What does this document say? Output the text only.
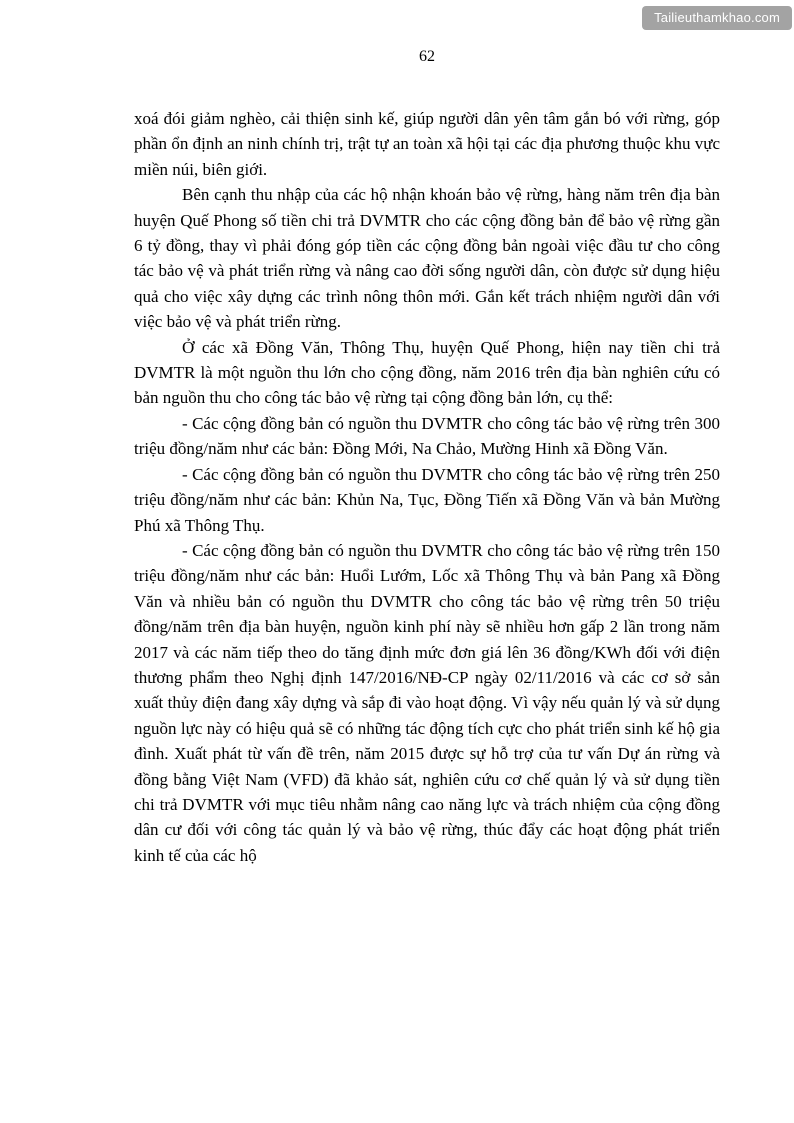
Tailieuthamkhao.com
62

xoá đói giảm nghèo, cải thiện sinh kế, giúp người dân yên tâm gắn bó với rừng, góp phần ổn định an ninh chính trị, trật tự an toàn xã hội tại các địa phương thuộc khu vực miền núi, biên giới.

Bên cạnh thu nhập của các hộ nhận khoán bảo vệ rừng, hàng năm trên địa bàn huyện Quế Phong số tiền chi trả DVMTR cho các cộng đồng bản để bảo vệ rừng gần 6 tỷ đồng, thay vì phải đóng góp tiền các cộng đồng bản ngoài việc đầu tư cho công tác bảo vệ và phát triển rừng và nâng cao đời sống người dân, còn được sử dụng hiệu quả cho việc xây dựng các trình nông thôn mới. Gắn kết trách nhiệm người dân với việc bảo vệ và phát triển rừng.

Ở các xã Đồng Văn, Thông Thụ, huyện Quế Phong, hiện nay tiền chi trả DVMTR là một nguồn thu lớn cho cộng đồng, năm 2016 trên địa bàn nghiên cứu có bản nguồn thu cho công tác bảo vệ rừng tại cộng đồng bản lớn, cụ thể:

- Các cộng đồng bản có nguồn thu DVMTR cho công tác bảo vệ rừng trên 300 triệu đồng/năm như các bản: Đồng Mới, Na Chảo, Mường Hinh xã Đồng Văn.

- Các cộng đồng bản có nguồn thu DVMTR cho công tác bảo vệ rừng trên 250 triệu đồng/năm như các bản: Khủn Na, Tục, Đồng Tiến xã Đồng Văn và bản Mường Phú xã Thông Thụ.

- Các cộng đồng bản có nguồn thu DVMTR cho công tác bảo vệ rừng trên 150 triệu đồng/năm như các bản: Huổi Lướm, Lốc xã Thông Thụ và bản Pang xã Đồng Văn và nhiều bản có nguồn thu DVMTR cho công tác bảo vệ rừng trên 50 triệu đồng/năm trên địa bàn huyện, nguồn kinh phí này sẽ nhiều hơn gấp 2 lần trong năm 2017 và các năm tiếp theo do tăng định mức đơn giá lên 36 đồng/KWh đối với điện thương phẩm theo Nghị định 147/2016/NĐ-CP ngày 02/11/2016 và các cơ sở sản xuất thủy điện đang xây dựng và sắp đi vào hoạt động. Vì vậy nếu quản lý và sử dụng nguồn lực này có hiệu quả sẽ có những tác động tích cực cho phát triển sinh kế hộ gia đình. Xuất phát từ vấn đề trên, năm 2015 được sự hỗ trợ của tư vấn Dự án rừng và đồng bằng Việt Nam (VFD) đã khảo sát, nghiên cứu cơ chế quản lý và sử dụng tiền chi trả DVMTR với mục tiêu nhằm nâng cao năng lực và trách nhiệm của cộng đồng dân cư đối với công tác quản lý và bảo vệ rừng, thúc đẩy các hoạt động phát triển kinh tế của các hộ
